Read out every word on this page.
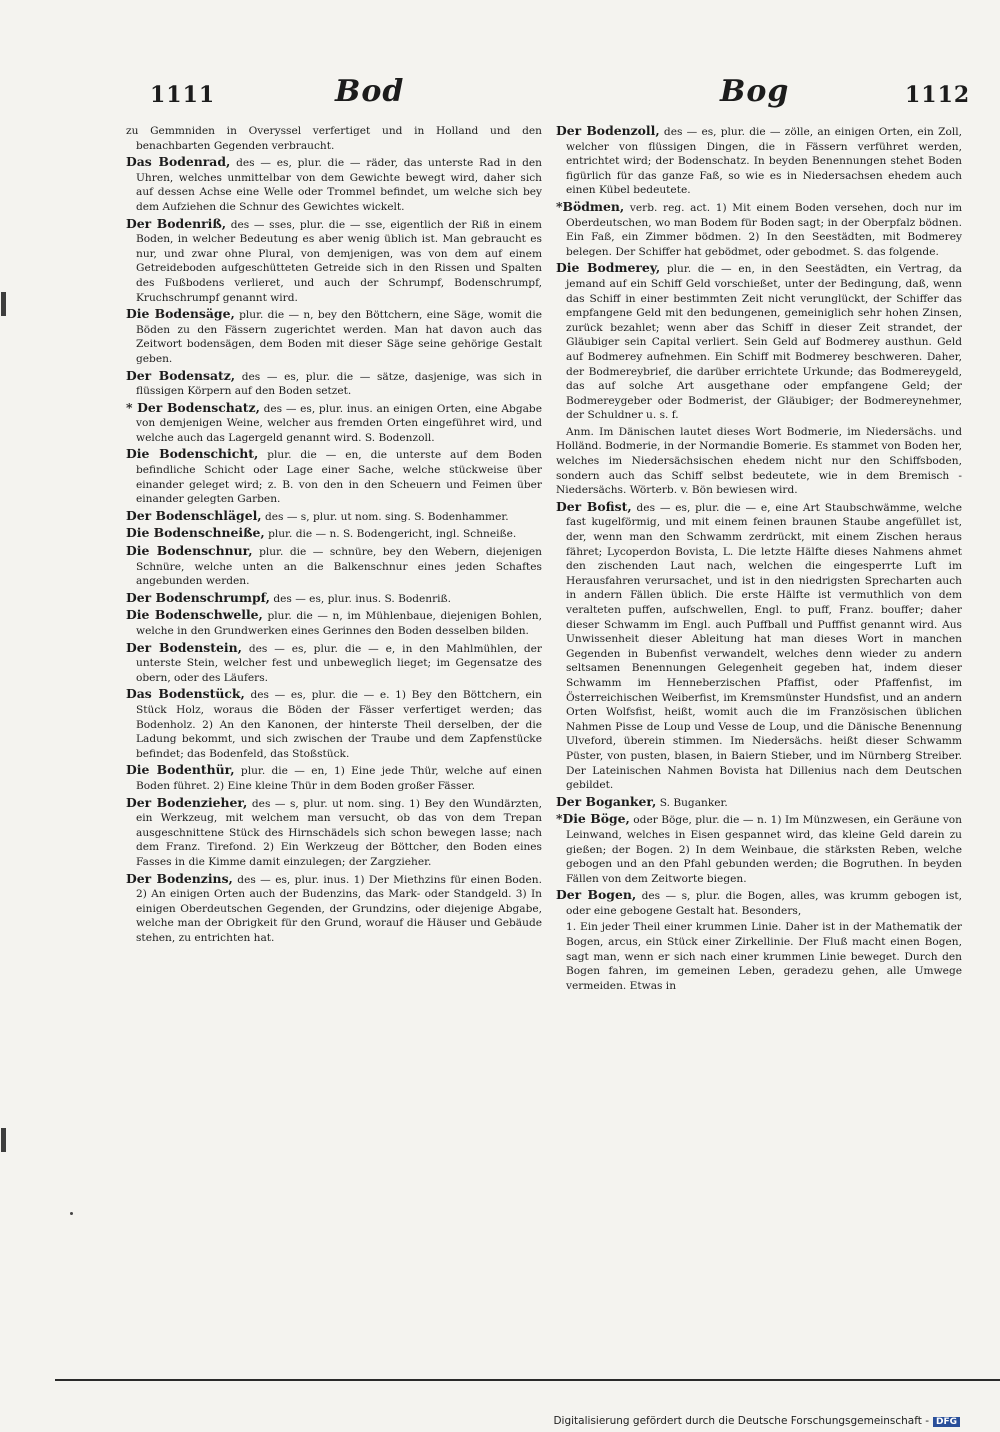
1111	Bod	Bog	1112

zu Gemmniden in Overyssel verfertiget und in Holland und den benachbarten Gegenden verbraucht.

Das Bodenrad, des — es, plur. die — räder, das unterste Rad in den Uhren, welches unmittelbar von dem Gewichte bewegt wird, daher sich auf dessen Achse eine Welle oder Trommel befindet, um welche sich bey dem Aufziehen die Schnur des Gewichtes wickelt.

Der Bodenriß, des — sses, plur. die — sse, eigentlich der Riß in einem Boden, in welcher Bedeutung es aber wenig üblich ist. Man gebraucht es nur, und zwar ohne Plural, von demjenigen, was von dem auf einem Getreideboden aufgeschütteten Getreide sich in den Rissen und Spalten des Fußbodens verlieret, und auch der Schrumpf, Bodenschrumpf, Kruchschrumpf genannt wird.

Die Bodensäge, plur. die — n, bey den Böttchern, eine Säge, womit die Böden zu den Fässern zugerichtet werden. Man hat davon auch das Zeitwort bodensägen, dem Boden mit dieser Säge seine gehörige Gestalt geben.

Der Bodensatz, des — es, plur. die — sätze, dasjenige, was sich in flüssigen Körpern auf den Boden setzet.

* Der Bodenschatz, des — es, plur. inus. an einigen Orten, eine Abgabe von demjenigen Weine, welcher aus fremden Orten eingeführet wird, und welche auch das Lagergeld genannt wird. S. Bodenzoll.

Die Bodenschicht, plur. die — en, die unterste auf dem Boden befindliche Schicht oder Lage einer Sache, welche stückweise über einander geleget wird; z. B. von den in den Scheuern und Feimen über einander gelegten Garben.

Der Bodenschlägel, des — s, plur. ut nom. sing. S. Bodenhammer.

Die Bodenschneiße, plur. die — n. S. Bodengericht, ingl. Schneiße.

Die Bodenschnur, plur. die — schnüre, bey den Webern, diejenigen Schnüre, welche unten an die Balkenschnur eines jeden Schaftes angebunden werden.

Der Bodenschrumpf, des — es, plur. inus. S. Bodenriß.

Die Bodenschwelle, plur. die — n, im Mühlenbaue, diejenigen Bohlen, welche in den Grundwerken eines Gerinnes den Boden desselben bilden.

Der Bodenstein, des — es, plur. die — e, in den Mahlmühlen, der unterste Stein, welcher fest und unbeweglich lieget; im Gegensatze des obern, oder des Läufers.

Das Bodenstück, des — es, plur. die — e. 1) Bey den Böttchern, ein Stück Holz, woraus die Böden der Fässer verfertiget werden; das Bodenholz. 2) An den Kanonen, der hinterste Theil derselben, der die Ladung bekommt, und sich zwischen der Traube und dem Zapfenstücke befindet; das Bodenfeld, das Stoßstück.

Die Bodenthür, plur. die — en, 1) Eine jede Thür, welche auf einen Boden führet. 2) Eine kleine Thür in dem Boden großer Fässer.

Der Bodenzieher, des — s, plur. ut nom. sing. 1) Bey den Wundärzten, ein Werkzeug, mit welchem man versucht, ob das von dem Trepan ausgeschnittene Stück des Hirnschädels sich schon bewegen lasse; nach dem Franz. Tirefond. 2) Ein Werkzeug der Böttcher, den Boden eines Fasses in die Kimme damit einzulegen; der Zargzieher.

Der Bodenzins, des — es, plur. inus. 1) Der Miethzins für einen Boden. 2) An einigen Orten auch der Budenzins, das Mark- oder Standgeld. 3) In einigen Oberdeutschen Gegenden, der Grundzins, oder diejenige Abgabe, welche man der Obrigkeit für den Grund, worauf die Häuser und Gebäude stehen, zu entrichten hat.

Der Bodenzoll, des — es, plur. die — zölle, an einigen Orten, ein Zoll, welcher von flüssigen Dingen, die in Fässern verführet werden, entrichtet wird; der Bodenschatz. In beyden Benennungen stehet Boden figürlich für das ganze Faß, so wie es in Niedersachsen ehedem auch einen Kübel bedeutete.

*Bödmen, verb. reg. act. 1) Mit einem Boden versehen, doch nur im Oberdeutschen, wo man Bodem für Boden sagt; in der Oberpfalz bödnen. Ein Faß, ein Zimmer bödmen. 2) In den Seestädten, mit Bodmerey belegen. Der Schiffer hat gebödmet, oder gebodmet. S. das folgende.

Die Bodmerey, plur. die — en, in den Seestädten, ein Vertrag, da jemand auf ein Schiff Geld vorschießet, unter der Bedingung, daß, wenn das Schiff in einer bestimmten Zeit nicht verunglückt, der Schiffer das empfangene Geld mit den bedungenen, gemeiniglich sehr hohen Zinsen, zurück bezahlet; wenn aber das Schiff in dieser Zeit strandet, der Gläubiger sein Capital verliert. Sein Geld auf Bodmerey austhun. Geld auf Bodmerey aufnehmen. Ein Schiff mit Bodmerey beschweren. Daher, der Bodmereybrief, die darüber errichtete Urkunde; das Bodmereygeld, das auf solche Art ausgethane oder empfangene Geld; der Bodmereygeber oder Bodmerist, der Gläubiger; der Bodmereynehmer, der Schuldner u. s. f.

Anm. Im Dänischen lautet dieses Wort Bodmerie, im Niedersächs. und Holländ. Bodmerie, in der Normandie Bomerie. Es stammet von Boden her, welches im Niedersächsischen ehedem nicht nur den Schiffsboden, sondern auch das Schiff selbst bedeutete, wie in dem Bremisch - Niedersächs. Wörterb. v. Bön bewiesen wird.

Der Bofist, des — es, plur. die — e, eine Art Staubschwämme, welche fast kugelförmig, und mit einem feinen braunen Staube angefüllet ist, der, wenn man den Schwamm zerdrückt, mit einem Zischen heraus fähret; Lycoperdon Bovista, L. Die letzte Hälfte dieses Nahmens ahmet den zischenden Laut nach, welchen die eingesperrte Luft im Herausfahren verursachet, und ist in den niedrigsten Sprecharten auch in andern Fällen üblich. Die erste Hälfte ist vermuthlich von dem veralteten puffen, aufschwellen, Engl. to puff, Franz. bouffer; daher dieser Schwamm im Engl. auch Puffball und Pufffist genannt wird. Aus Unwissenheit dieser Ableitung hat man dieses Wort in manchen Gegenden in Bubenfist verwandelt, welches denn wieder zu andern seltsamen Benennungen Gelegenheit gegeben hat, indem dieser Schwamm im Henneberzischen Pfaffist, oder Pfaffenfist, im Österreichischen Weiberfist, im Kremsmünster Hundsfist, und an andern Orten Wolfsfist, heißt, womit auch die im Französischen üblichen Nahmen Pisse de Loup und Vesse de Loup, und die Dänische Benennung Ulveford, überein stimmen. Im Niedersächs. heißt dieser Schwamm Püster, von pusten, blasen, in Baiern Stieber, und im Nürnberg Streiber. Der Lateinischen Nahmen Bovista hat Dillenius nach dem Deutschen gebildet.

Der Boganker, S. Buganker.

*Die Böge, oder Böge, plur. die — n. 1) Im Münzwesen, ein Geräune von Leinwand, welches in Eisen gespannet wird, das kleine Geld darein zu gießen; der Bogen. 2) In dem Weinbaue, die stärksten Reben, welche gebogen und an den Pfahl gebunden werden; die Bogruthen. In beyden Fällen von dem Zeitworte biegen.

Der Bogen, des — s, plur. die Bogen, alles, was krumm gebogen ist, oder eine gebogene Gestalt hat. Besonders,

1. Ein jeder Theil einer krummen Linie. Daher ist in der Mathematik der Bogen, arcus, ein Stück einer Zirkellinie. Der Fluß macht einen Bogen, sagt man, wenn er sich nach einer krummen Linie beweget. Durch den Bogen fahren, im gemeinen Leben, geradezu gehen, alle Umwege vermeiden. Etwas in

Digitalisierung gefördert durch die Deutsche Forschungsgemeinschaft - DFG
